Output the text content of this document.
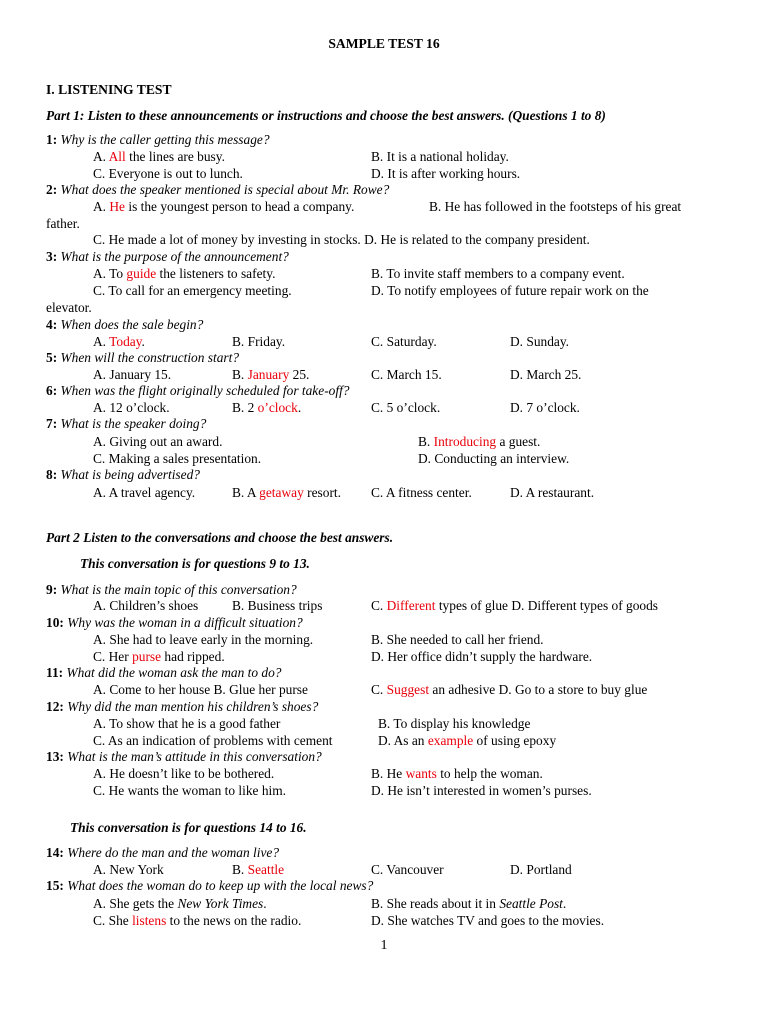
SAMPLE TEST 16
I. LISTENING TEST
Part 1: Listen to these announcements or instructions and choose the best answers. (Questions 1 to 8)
Part 2 Listen to the conversations and choose the best answers.
This conversation is for questions 9 to 13.
This conversation is for questions 14 to 16.
1: Why is the caller getting this message?
A. All the lines are busy.	B. It is a national holiday.
C. Everyone is out to lunch.	D. It is after working hours.
2: What does the speaker mentioned is special about Mr. Rowe?
A. He is the youngest person to head a company.	B. He has followed in the footsteps of his great
father.
C. He made a lot of money by investing in stocks. D. He is related to the company president.
3: What is the purpose of the announcement?
A. To guide the listeners to safety.	B. To invite staff members to a company event.
C. To call for an emergency meeting.	D. To notify employees of future repair work on the
elevator.
4: When does the sale begin?
A. Today.	B. Friday.	C. Saturday.	D. Sunday.
5: When will the construction start?
A. January 15.	B. January 25.	C. March 15.	D. March 25.
6: When was the flight originally scheduled for take-off?
A. 12 o’clock.	B. 2 o’clock.	C. 5 o’clock.	D. 7 o’clock.
7: What is the speaker doing?
A. Giving out an award.	B. Introducing a guest.
C. Making a sales presentation.	D. Conducting an interview.
8: What is being advertised?
A. A travel agency.	B. A getaway resort. C. A fitness center.	D. A restaurant.
9: What is the main topic of this conversation?
A. Children’s shoes	B. Business trips	C. Different types of glue D. Different types of goods
10: Why was the woman in a difficult situation?
A. She had to leave early in the morning.	B. She needed to call her friend.
C. Her purse had ripped.	D. Her office didn’t supply the hardware.
11: What did the woman ask the man to do?
A. Come to her house B. Glue her purse	C. Suggest an adhesive D. Go to a store to buy glue
12: Why did the man mention his children’s shoes?
A. To show that he is a good father	B. To display his knowledge
C. As an indication of problems with cement	D. As an example of using epoxy
13: What is the man’s attitude in this conversation?
A. He doesn’t like to be bothered.	B. He wants to help the woman.
C. He wants the woman to like him.	D. He isn’t interested in women’s purses.
14: Where do the man and the woman live?
A. New York	B. Seattle	C. Vancouver	D. Portland
15: What does the woman do to keep up with the local news?
A. She gets the New York Times.	B. She reads about it in Seattle Post.
C. She listens to the news on the radio.	D. She watches TV and goes to the movies.
1
